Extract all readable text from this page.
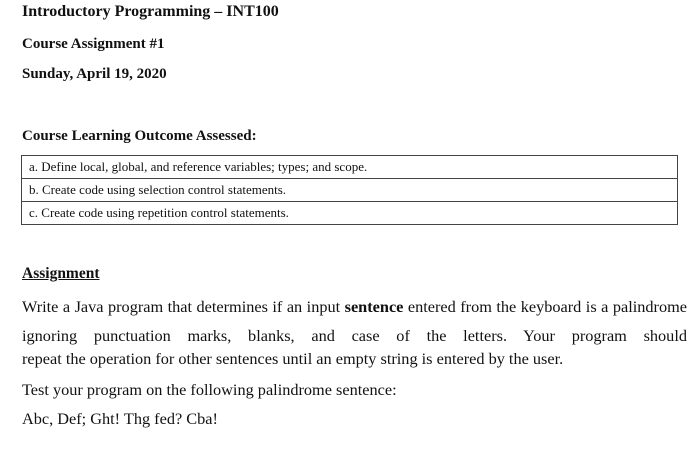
Introductory Programming – INT100
Course Assignment #1
Sunday, April 19, 2020
Course Learning Outcome Assessed:
a. Define local, global, and reference variables; types; and scope.
b. Create code using selection control statements.
c. Create code using repetition control statements.
Assignment
Write a Java program that determines if an input sentence entered from the keyboard is a palindrome ignoring punctuation marks, blanks, and case of the letters. Your program should
repeat the operation for other sentences until an empty string is entered by the user.
Test your program on the following palindrome sentence:
Abc, Def; Ght! Thg fed? Cba!
